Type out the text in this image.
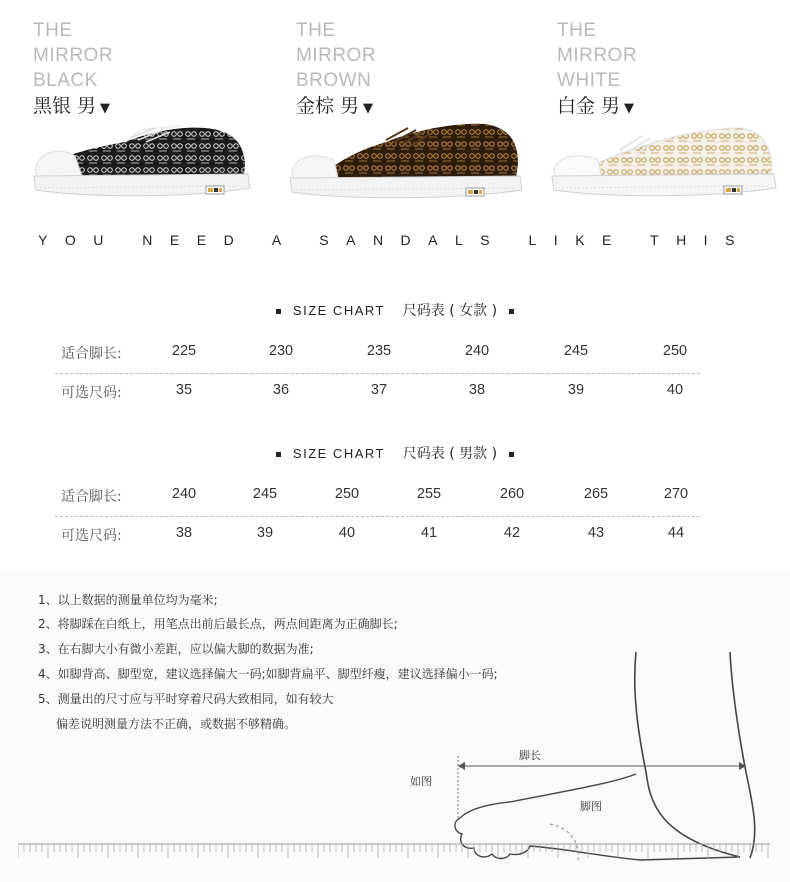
THE
MIRROR
BLACK
黑银 男 ▼
THE
MIRROR
BROWN
金棕 男 ▼
THE
MIRROR
WHITE
白金 男 ▼
YOU NEED A SANDALS LIKE THIS
SIZE CHART 尺码表 ( 女款 )
适合脚长:	225	230	235	240	245	250
可选尺码:	35	36	37	38	39	40
SIZE CHART 尺码表 ( 男款 )
适合脚长:	240	245	250	255	260	265	270
可选尺码:	38	39	40	41	42	43	44
1、以上数据的测量单位均为毫米;
2、将脚踩在白纸上，用笔点出前后最长点，两点间距离为正确脚长;
3、在右脚大小有微小差距，应以偏大脚的数据为准;
4、如脚背高、脚型宽，建议选择偏大一码;如脚背扁平、脚型纤瘦，建议选择偏小一码;
5、测量出的尺寸应与平时穿着尺码大致相同，如有较大
偏差说明测量方法不正确，或数据不够精确。
脚长
如图
脚图
